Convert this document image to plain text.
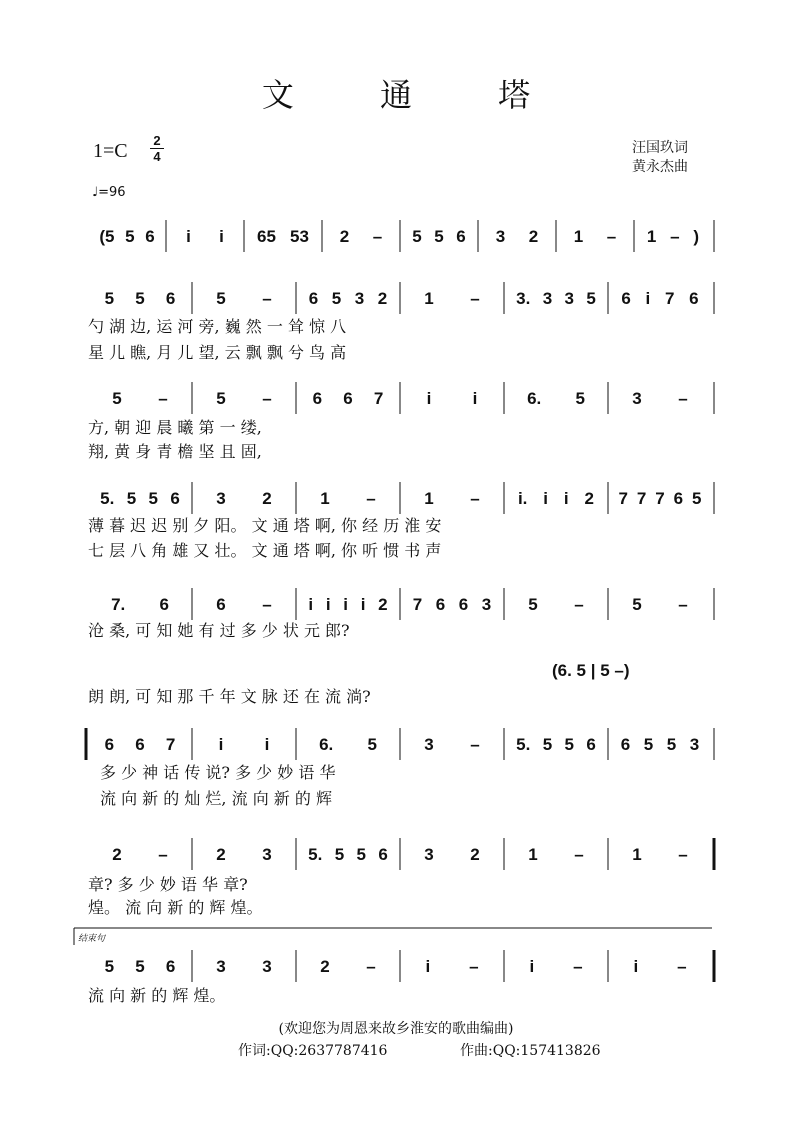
文 通 塔
1=C 2
4
汪国玖词
黄永杰曲
♩=96
结束句
(5 5 6 i i 65 53 2 – 5 5 6 3 2 1 – 1 – )
5 5 6 5 – 6 5 3 2 1 – 3. 3 3 5 6 i 7 6
勺 湖 边, 运 河 旁, 巍 然 一 耸 惊 八
星 儿 瞧, 月 儿 望, 云 飘 飘 兮 鸟 高
5 –	5 – 6 6 7	i i	6. 5	3 –
方, 朝 迎 晨 曦 第 一 缕,
翔, 黄 身 青 檐 坚 且 固,
5. 5 5 6 3 2	1 –	1 – i. i i 2 7 7 7 6 5
薄 暮 迟 迟 别 夕 阳。 文 通 塔 啊, 你 经 历 淮 安
七 层 八 角 雄 又 壮。 文 通 塔 啊, 你 听 惯 书 声
7. 6	6 – i i i i 2 7 6 6 3 5 –	5 –
沧 桑, 可 知 她 有 过 多 少 状 元 郎?
(6. 5 | 5 –)
朗 朗, 可 知 那 千 年 文 脉 还 在 流 淌?
6 6 7	i i	6. 5	3 – 5. 5 5 6 6 5 5 3
多 少 神 话 传 说? 多 少 妙 语 华
流 向 新 的 灿 烂, 流 向 新 的 辉
2 –	2 3 5. 5 5 6 3 2	1 –	1 –
章? 多 少 妙 语 华 章?
煌。 流 向 新 的 辉 煌。
5 5 6 3 3	2 –	i –	i –	i –
流 向 新 的 辉 煌。
(欢迎您为周恩来故乡淮安的歌曲编曲)
作词:QQ:2637787416	作曲:QQ:157413826
